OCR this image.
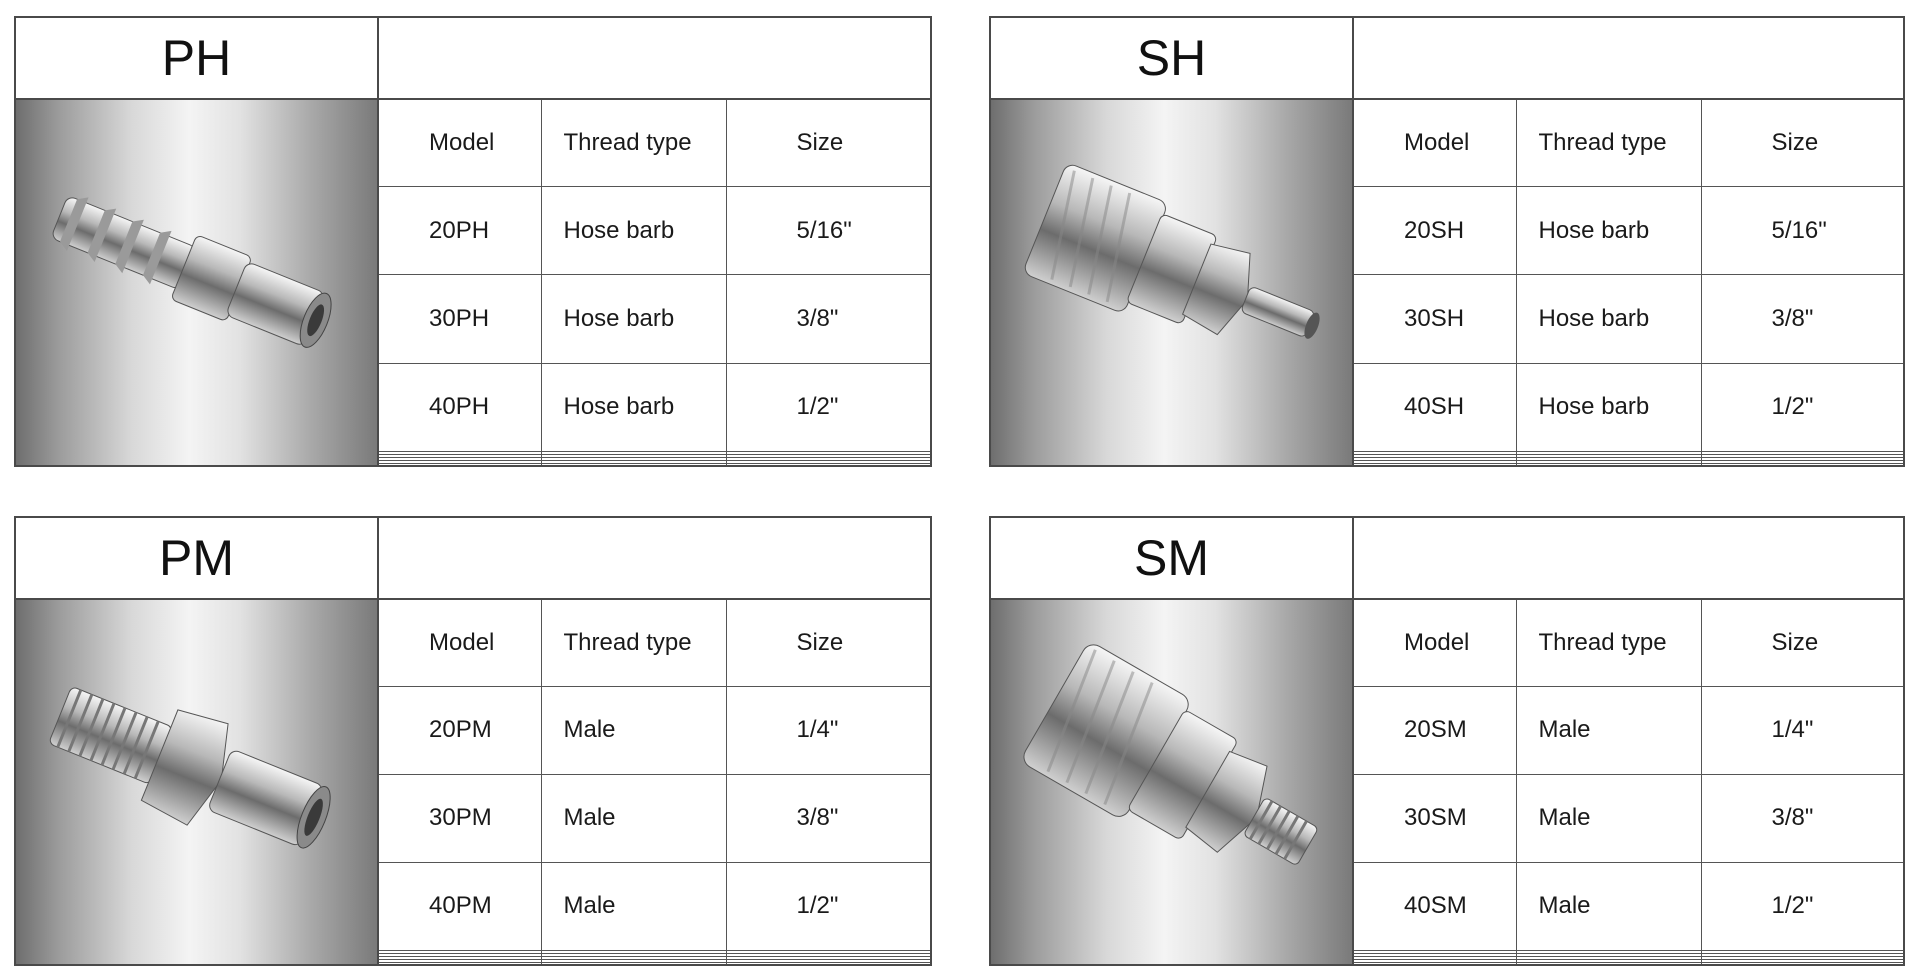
PH
Model	Thread type	Size
20PH	Hose barb	5/16"
30PH	Hose barb	3/8"
40PH	Hose barb	1/2"

SH
Model	Thread type	Size
20SH	Hose barb	5/16"
30SH	Hose barb	3/8"
40SH	Hose barb	1/2"

PM
Model	Thread type	Size
20PM	Male	1/4"
30PM	Male	3/8"
40PM	Male	1/2"

SM
Model	Thread type	Size
20SM	Male	1/4"
30SM	Male	3/8"
40SM	Male	1/2"
